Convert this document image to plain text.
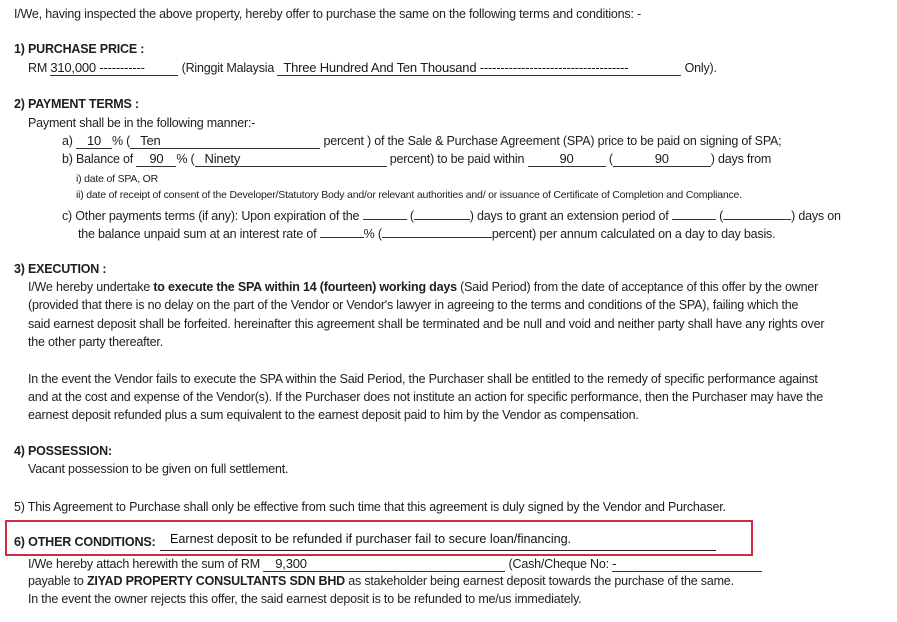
I/We, having inspected the above property, hereby offer to purchase the same on the following terms and conditions: -
1) PURCHASE PRICE :
RM 310,000 -----------	(Ringgit Malaysia Three Hundred And Ten Thousand ------------------------------------	Only).
2) PAYMENT TERMS :
Payment shall be in the following manner:-
a) 10 % ( Ten	percent ) of the Sale & Purchase Agreement (SPA) price to be paid on signing of SPA;
b) Balance of 90 % ( Ninety	percent) to be paid within	90	(	90	) days from
i) date of SPA, OR
ii) date of receipt of consent of the Developer/Statutory Body and/or relevant authorities and/ or issuance of Certificate of Completion and Compliance.
c) Other payments terms (if any): Upon expiration of the	(	) days to grant an extension period of	(	) days on
the balance unpaid sum at an interest rate of	% (	percent) per annum calculated on a day to day basis.
3) EXECUTION :
I/We hereby undertake to execute the SPA within 14 (fourteen) working days (Said Period) from the date of acceptance of this offer by the owner
(provided that there is no delay on the part of the Vendor or Vendor's lawyer in agreeing to the terms and conditions of the SPA), failing which the
said earnest deposit shall be forfeited. hereinafter this agreement shall be terminated and be null and void and neither party shall have any rights over
the other party thereafter.
In the event the Vendor fails to execute the SPA within the Said Period, the Purchaser shall be entitled to the remedy of specific performance against
and at the cost and expense of the Vendor(s). If the Purchaser does not institute an action for specific performance, then the Purchaser may have the
earnest deposit refunded plus a sum equivalent to the earnest deposit paid to him by the Vendor as compensation.
4) POSSESSION:
Vacant possession to be given on full settlement.
5) This Agreement to Purchase shall only be effective from such time that this agreement is duly signed by the Vendor and Purchaser.
6) OTHER CONDITIONS: Earnest deposit to be refunded if purchaser fail to secure loan/financing.
I/We hereby attach herewith the sum of RM 9,300	(Cash/Cheque No: -
payable to ZIYAD PROPERTY CONSULTANTS SDN BHD as stakeholder being earnest deposit towards the purchase of the same.
In the event the owner rejects this offer, the said earnest deposit is to be refunded to me/us immediately.
